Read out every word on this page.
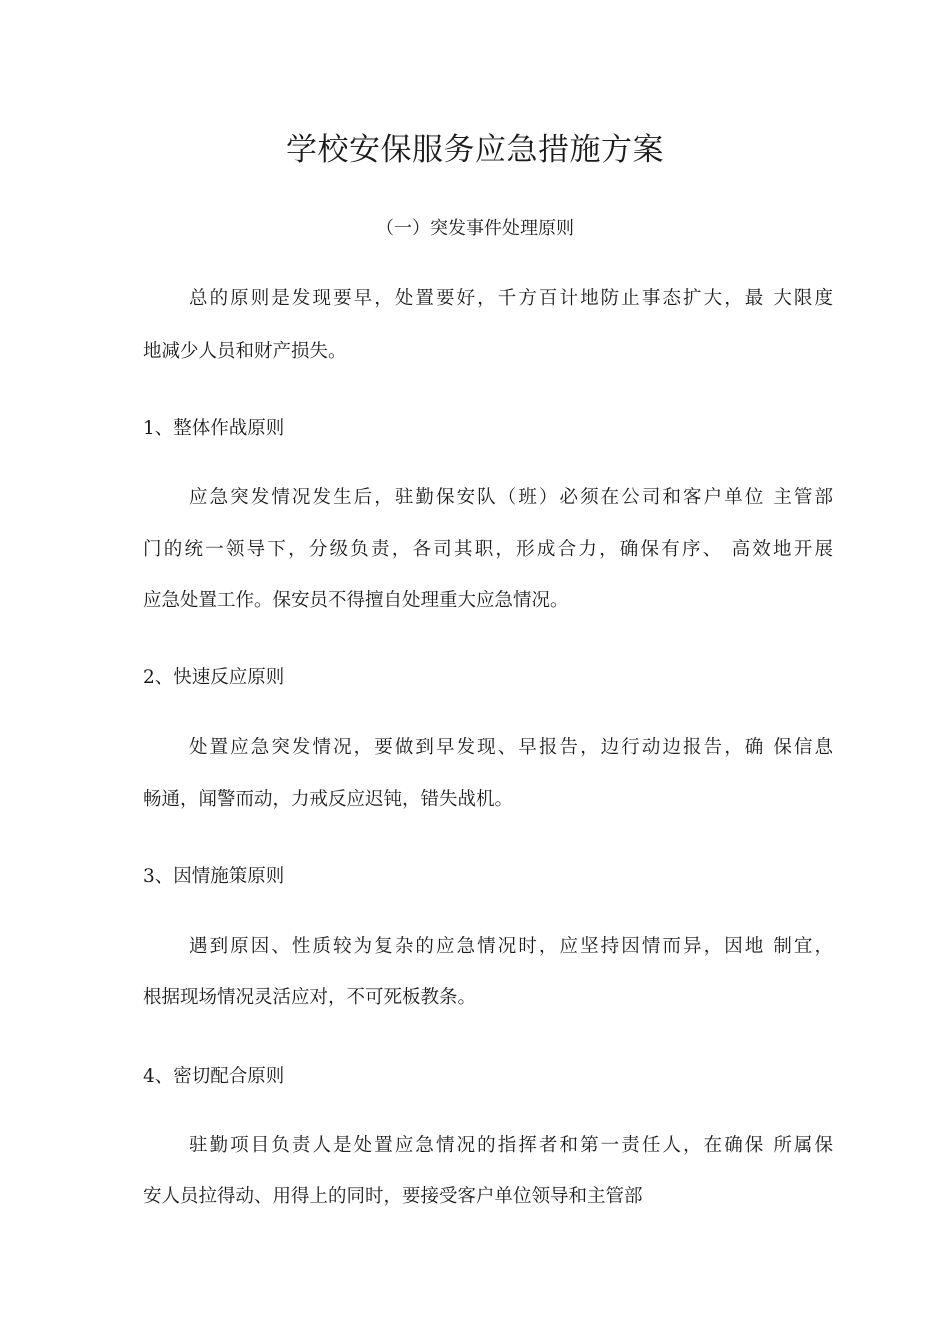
学校安保服务应急措施方案
（一）突发事件处理原则
总的原则是发现要早，处置要好，千方百计地防止事态扩大，最 大限度
地减少人员和财产损失。
1、整体作战原则
应急突发情况发生后，驻勤保安队（班）必须在公司和客户单位 主管部
门的统一领导下，分级负责，各司其职，形成合力，确保有序、 高效地开展
应急处置工作。保安员不得擅自处理重大应急情况。
2、快速反应原则
处置应急突发情况，要做到早发现、早报告，边行动边报告，确 保信息
畅通，闻警而动，力戒反应迟钝，错失战机。
3、因情施策原则
遇到原因、性质较为复杂的应急情况时，应坚持因情而异，因地 制宜，
根据现场情况灵活应对，不可死板教条。
4、密切配合原则
驻勤项目负责人是处置应急情况的指挥者和第一责任人，在确保 所属保
安人员拉得动、用得上的同时，要接受客户单位领导和主管部
